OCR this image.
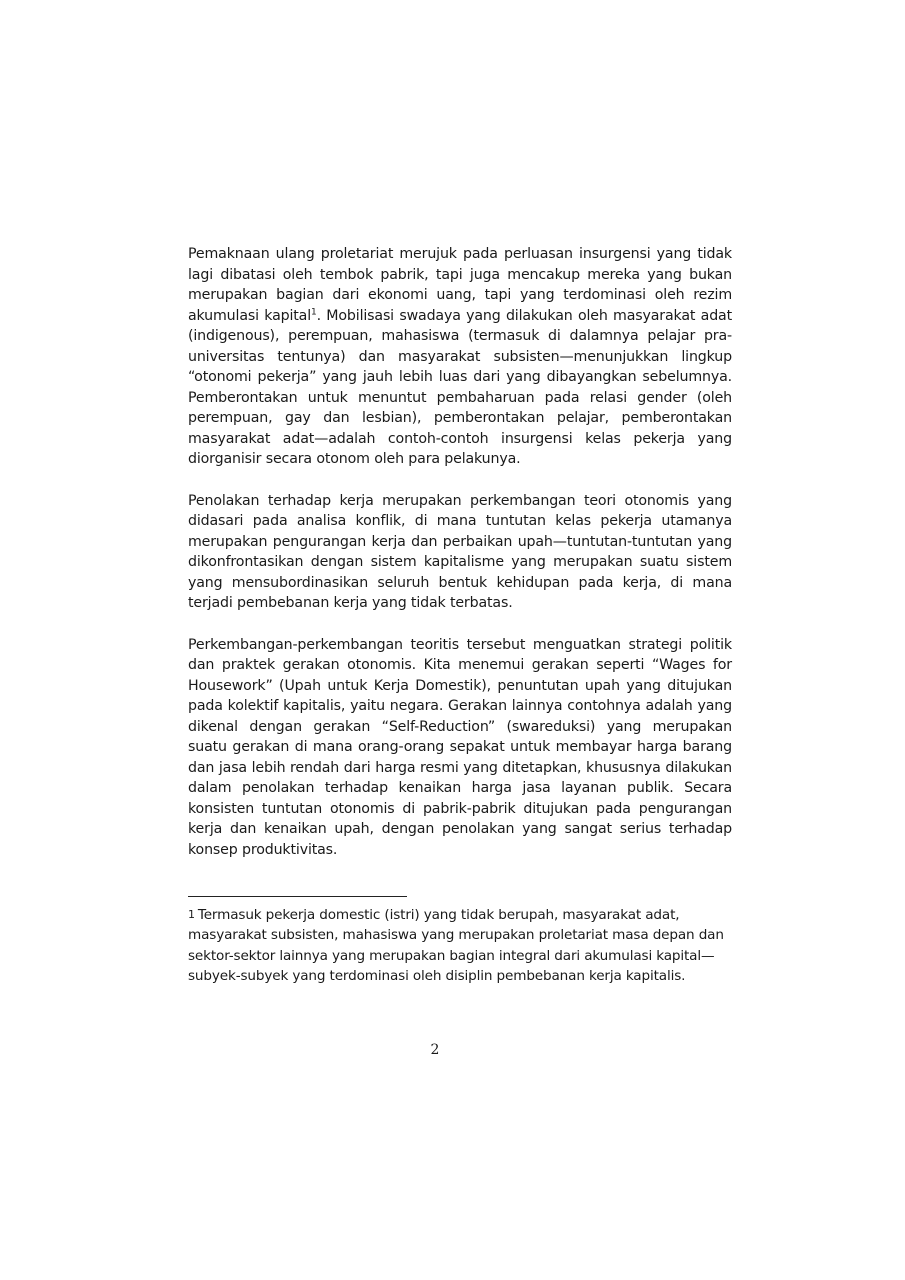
Pemaknaan ulang proletariat merujuk pada perluasan insurgensi yang tidak lagi dibatasi oleh tembok pabrik, tapi juga mencakup mereka yang bukan merupakan bagian dari ekonomi uang, tapi yang terdominasi oleh rezim akumulasi kapital$^1$. Mobilisasi swadaya yang dilakukan oleh masyarakat adat (indigenous), perempuan, mahasiswa (termasuk di dalamnya pelajar pra-universitas tentunya) dan masyarakat subsisten—menunjukkan lingkup “otonomi pekerja” yang jauh lebih luas dari yang dibayangkan sebelumnya. Pemberontakan untuk menuntut pembaharuan pada relasi gender (oleh perempuan, gay dan lesbian), pemberontakan pelajar, pemberontakan masyarakat adat—adalah contoh-contoh insurgensi kelas pekerja yang diorganisir secara otonom oleh para pelakunya.

Penolakan terhadap kerja merupakan perkembangan teori otonomis yang didasari pada analisa konflik, di mana tuntutan kelas pekerja utamanya merupakan pengurangan kerja dan perbaikan upah—tuntutan-tuntutan yang dikonfrontasikan dengan sistem kapitalisme yang merupakan suatu sistem yang mensubordinasikan seluruh bentuk kehidupan pada kerja, di mana terjadi pembebanan kerja yang tidak terbatas.

Perkembangan-perkembangan teoritis tersebut menguatkan strategi politik dan praktek gerakan otonomis. Kita menemui gerakan seperti “Wages for Housework” (Upah untuk Kerja Domestik), penuntutan upah yang ditujukan pada kolektif kapitalis, yaitu negara. Gerakan lainnya contohnya adalah yang dikenal dengan gerakan “Self-Reduction” (swareduksi) yang merupakan suatu gerakan di mana orang-orang sepakat untuk membayar harga barang dan jasa lebih rendah dari harga resmi yang ditetapkan, khususnya dilakukan dalam penolakan terhadap kenaikan harga jasa layanan publik. Secara konsisten tuntutan otonomis di pabrik-pabrik ditujukan pada pengurangan kerja dan kenaikan upah, dengan penolakan yang sangat serius terhadap konsep produktivitas.

1 Termasuk pekerja domestic (istri) yang tidak berupah, masyarakat adat, masyarakat subsisten, mahasiswa yang merupakan proletariat masa depan dan sektor-sektor lainnya yang merupakan bagian integral dari akumulasi kapital—subyek-subyek yang terdominasi oleh disiplin pembebanan kerja kapitalis.
2
